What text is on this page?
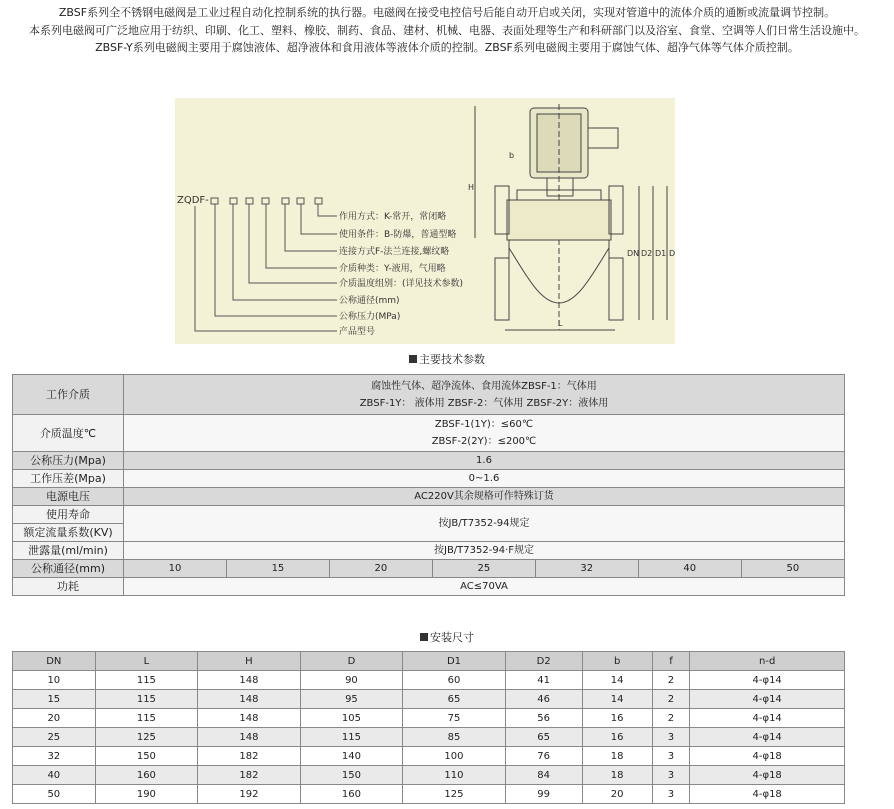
ZBSF系列全不锈钢电磁阀是工业过程自动化控制系统的执行器。电磁阀在接受电控信号后能自动开启或关闭，实现对管道中的流体介质的通断或流量调节控制。

本系列电磁阀可广泛地应用于纺织、印刷、化工、塑料、橡胶、制药、食品、建材、机械、电器、表面处理等生产和科研部门以及浴室、食堂、空调等人们日常生活设施中。

ZBSF-Y系列电磁阀主要用于腐蚀液体、超净液体和食用液体等液体介质的控制。ZBSF系列电磁阀主要用于腐蚀气体、超净气体等气体介质控制。

ZQDF-
作用方式：K-常开，常闭略
使用条件：B-防爆，普通型略
连接方式F-法兰连接,螺纹略
介质种类：Y-液用，气用略
介质温度组别：(详见技术参数)
公称通径(mm)
公称压力(MPa)
产品型号
H
b
L
DN D2 D1 D
主要技术参数
工作介质	腐蚀性气体、超净流体、食用流体ZBSF-1：气体用
ZBSF-1Y： 液体用 ZBSF-2：气体用 ZBSF-2Y：液体用						

介质温度℃	ZBSF-1(1Y)：≤60℃
ZBSF-2(2Y)：≤200℃						

公称压力(Mpa)	1.6						
工作压差(Mpa)	0~1.6						
电源电压	AC220V其余规格可作特殊订货						
使用寿命	按JB/T7352-94规定						
额定流量系数(KV)							
泄露量(ml/min)	按JB/T7352-94·F规定						
公称通径(mm)	10	15	20	25	32	40	50
功耗	AC≤70VA						
安装尺寸
DN	L	H	D	D1	D2	b	f	n-d
10	115	148	90	60	41	14	2	4-φ14
15	115	148	95	65	46	14	2	4-φ14
20	115	148	105	75	56	16	2	4-φ14
25	125	148	115	85	65	16	3	4-φ14
32	150	182	140	100	76	18	3	4-φ18
40	160	182	150	110	84	18	3	4-φ18
50	190	192	160	125	99	20	3	4-φ18
